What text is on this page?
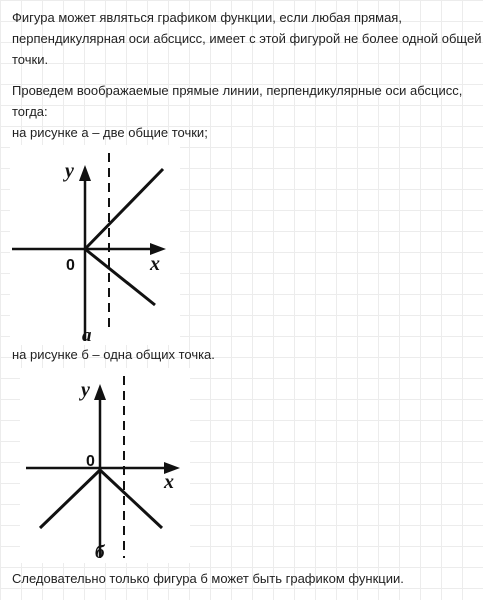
Фигура может являться графиком функции, если любая прямая,

перпендикулярная оси абсцисс, имеет с этой фигурой не более одной общей

точки.

Проведем воображаемые прямые линии, перпендикулярные оси абсцисс,

тогда:

на рисунке а – две общие точки;

y
x
0
а

на рисунке б – одна общих точка.

y
x
0
б

Следовательно только фигура б может быть графиком функции.
